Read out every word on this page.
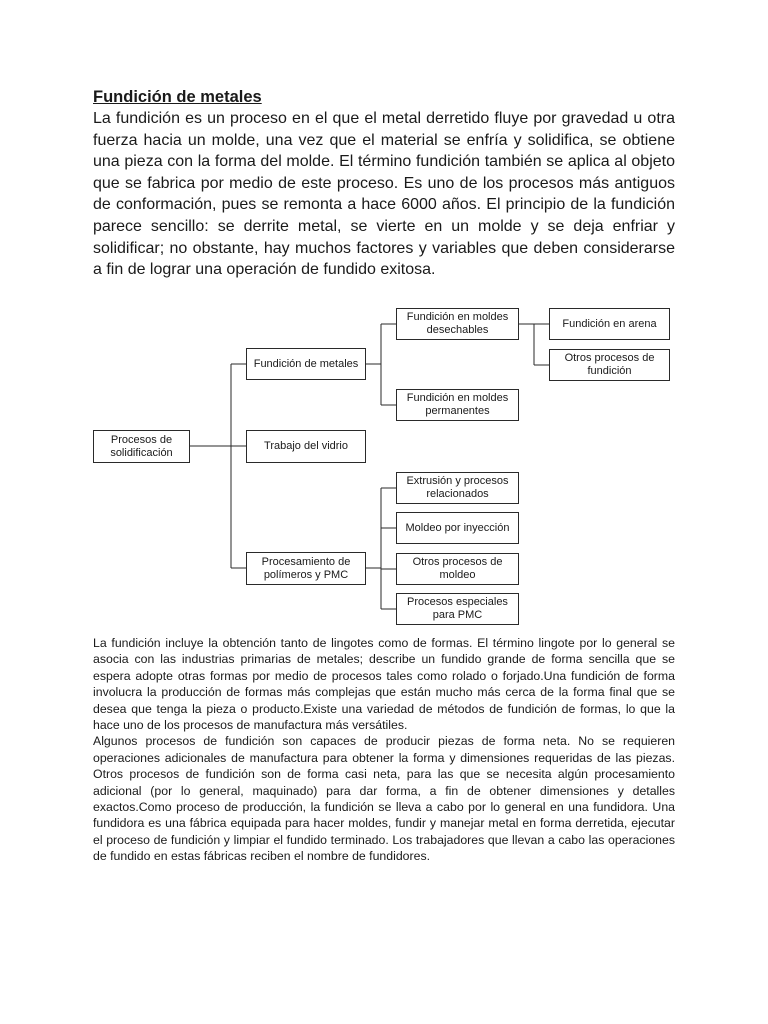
Fundición de metales

La fundición es un proceso en el que el metal derretido fluye por gravedad u otra fuerza hacia un molde, una vez que el material se enfría y solidifica, se obtiene una pieza con la forma del molde. El término fundición también se aplica al objeto que se fabrica por medio de este proceso. Es uno de los procesos más antiguos de conformación, pues se remonta a hace 6000 años. El principio de la fundición parece sencillo: se derrite metal, se vierte en un molde y se deja enfriar y solidificar; no obstante, hay muchos factores y variables que deben considerarse a fin de lograr una operación de fundido exitosa.

Procesos de solidificación
Fundición de metales
Trabajo del vidrio
Procesamiento de polímeros y PMC
Fundición en moldes desechables
Fundición en moldes permanentes
Fundición en arena
Otros procesos de fundición
Extrusión y procesos relacionados
Moldeo por inyección
Otros procesos de moldeo
Procesos especiales para PMC

La fundición incluye la obtención tanto de lingotes como de formas. El término lingote por lo general se asocia con las industrias primarias de metales; describe un fundido grande de forma sencilla que se espera adopte otras formas por medio de procesos tales como rolado o forjado.Una fundición de forma involucra la producción de formas más complejas que están mucho más cerca de la forma final que se desea que tenga la pieza o producto.Existe una variedad de métodos de fundición de formas, lo que la hace uno de los procesos de manufactura más versátiles.

Algunos procesos de fundición son capaces de producir piezas de forma neta. No se requieren operaciones adicionales de manufactura para obtener la forma y dimensiones requeridas de las piezas. Otros procesos de fundición son de forma casi neta, para las que se necesita algún procesamiento adicional (por lo general, maquinado) para dar forma, a fin de obtener dimensiones y detalles exactos.Como proceso de producción, la fundición se lleva a cabo por lo general en una fundidora. Una fundidora es una fábrica equipada para hacer moldes, fundir y manejar metal en forma derretida, ejecutar el proceso de fundición y limpiar el fundido terminado. Los trabajadores que llevan a cabo las operaciones de fundido en estas fábricas reciben el nombre de fundidores.
